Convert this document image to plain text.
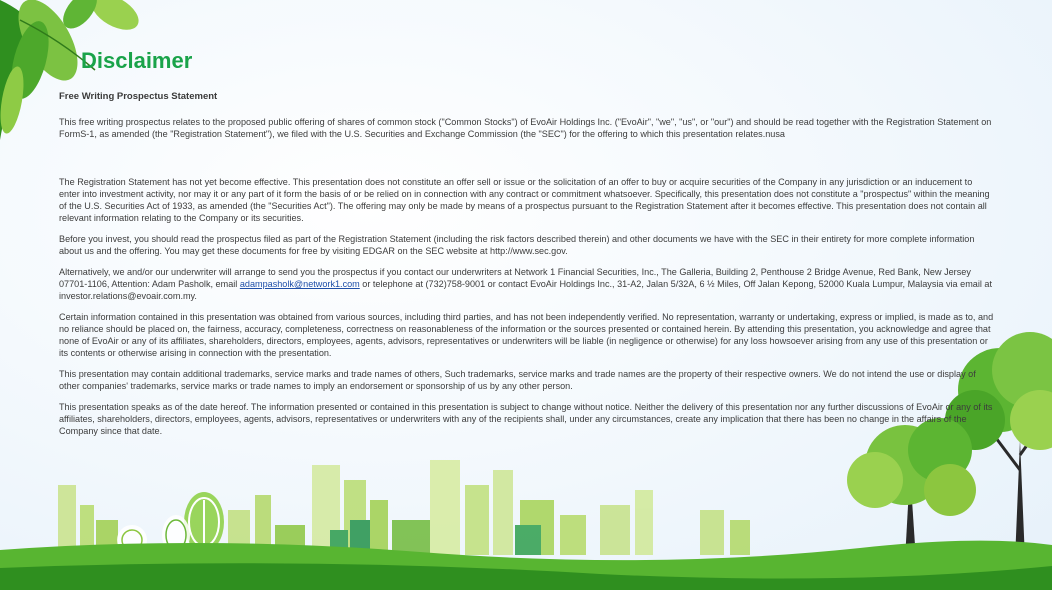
Disclaimer

Free Writing Prospectus Statement

This free writing prospectus relates to the proposed public offering of shares of common stock ("Common Stocks") of EvoAir Holdings Inc. ("EvoAir", "we", "us", or "our") and should be read together with the Registration Statement on FormS-1, as amended (the "Registration Statement"), we filed with the U.S. Securities and Exchange Commission (the "SEC") for the offering to which this presentation relates.nusa

The Registration Statement has not yet become effective. This presentation does not constitute an offer sell or issue or the solicitation of an offer to buy or acquire securities of the Company in any jurisdiction or an inducement to enter into investment activity, nor may it or any part of it form the basis of or be relied on in connection with any contract or commitment whatsoever. Specifically, this presentation does not constitute a "prospectus" within the meaning of the U.S. Securities Act of 1933, as amended (the "Securities Act"). The offering may only be made by means of a prospectus pursuant to the Registration Statement after it becomes effective. This presentation does not contain all relevant information relating to the Company or its securities.

Before you invest, you should read the prospectus filed as part of the Registration Statement (including the risk factors described therein) and other documents we have with the SEC in their entirety for more complete information about us and the offering. You may get these documents for free by visiting EDGAR on the SEC website at http://www.sec.gov.

Alternatively, we and/or our underwriter will arrange to send you the prospectus if you contact our underwriters at Network 1 Financial Securities, Inc., The Galleria, Building 2, Penthouse 2 Bridge Avenue, Red Bank, New Jersey 07701-1106, Attention: Adam Pasholk, email adampasholk@network1.com or telephone at (732)758-9001 or contact EvoAir Holdings Inc., 31-A2, Jalan 5/32A, 6 ½ Miles, Off Jalan Kepong, 52000 Kuala Lumpur, Malaysia via email at investor.relations@evoair.com.my.

Certain information contained in this presentation was obtained from various sources, including third parties, and has not been independently verified. No representation, warranty or undertaking, express or implied, is made as to, and no reliance should be placed on, the fairness, accuracy, completeness, correctness on reasonableness of the information or the sources presented or contained herein. By attending this presentation, you acknowledge and agree that none of EvoAir or any of its affiliates, shareholders, directors, employees, agents, advisors, representatives or underwriters will be liable (in negligence or otherwise) for any loss howsoever arising from any use of this presentation or its contents or otherwise arising in connection with the presentation.

This presentation may contain additional trademarks, service marks and trade names of others, Such trademarks, service marks and trade names are the property of their respective owners. We do not intend the use or display of other companies' trademarks, service marks or trade names to imply an endorsement or sponsorship of us by any other person.

This presentation speaks as of the date hereof. The information presented or contained in this presentation is subject to change without notice. Neither the delivery of this presentation nor any further discussions of EvoAir or any of its affiliates, shareholders, directors, employees, agents, advisors, representatives or underwriters with any of the recipients shall, under any circumstances, create any implication that there has been no change in the affairs of the Company since that date.
